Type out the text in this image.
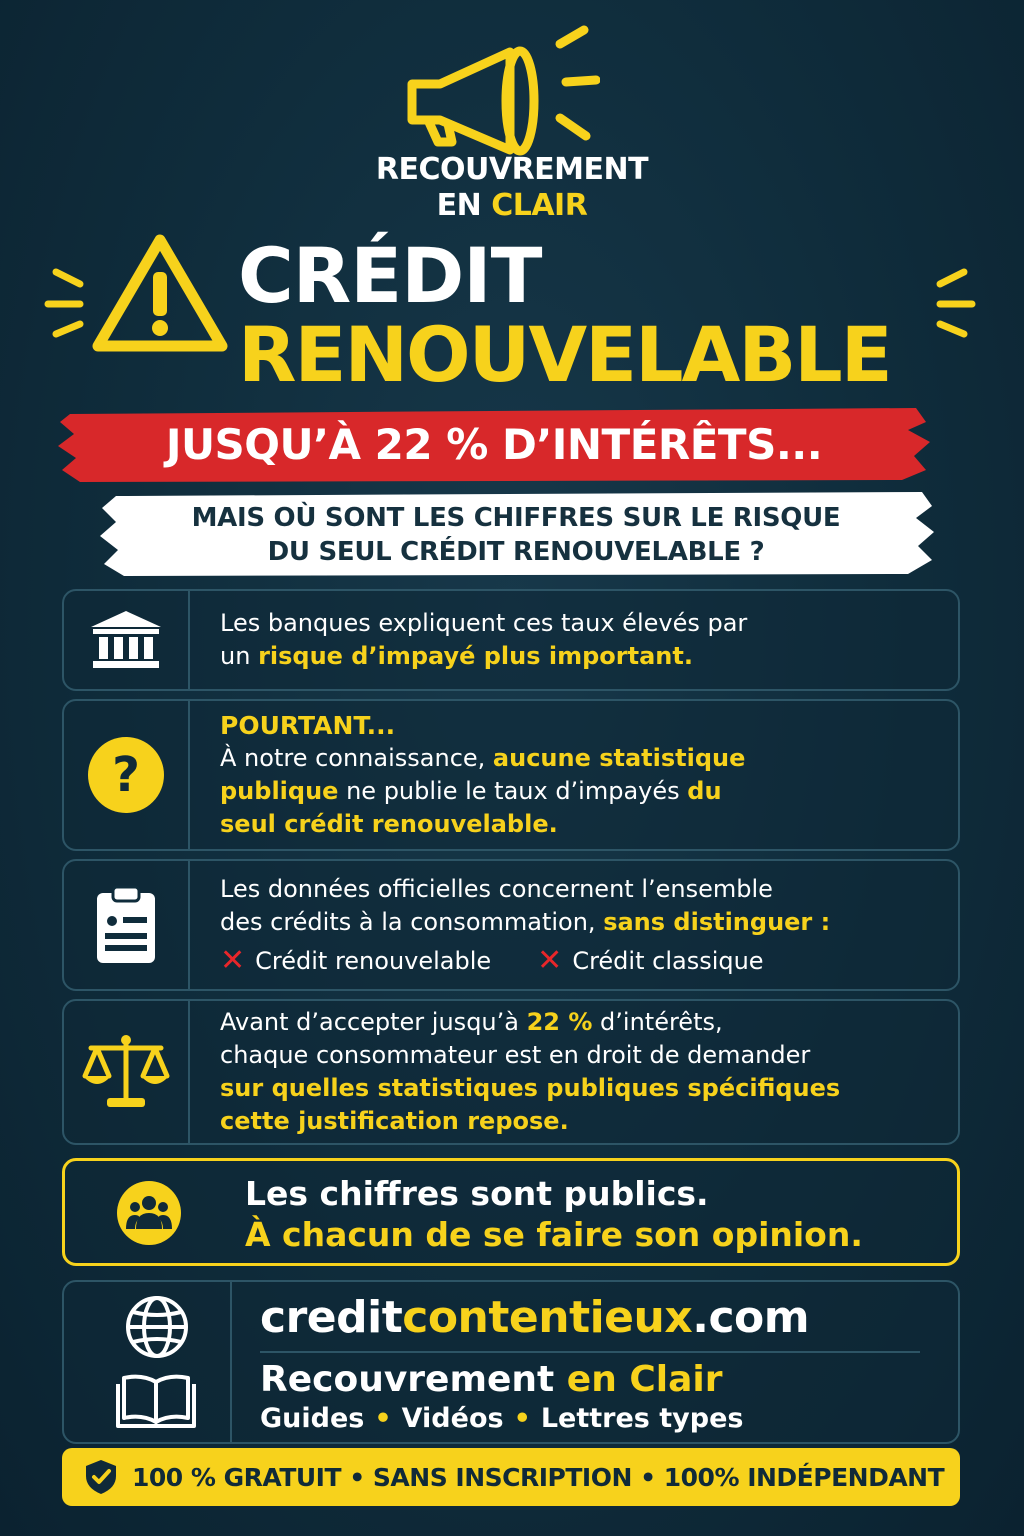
RECOUVREMENT
EN CLAIR
CRÉDIT
RENOUVELABLE
JUSQU’À 22 % D’INTÉRÊTS...
MAIS OÙ SONT LES CHIFFRES SUR LE RISQUE
DU SEUL CRÉDIT RENOUVELABLE ?
Les banques expliquent ces taux élevés par
un risque d’impayé plus important.
?
POURTANT...
À notre connaissance, aucune statistique
publique ne publie le taux d’impayés du
seul crédit renouvelable.
Les données officielles concernent l’ensemble
des crédits à la consommation, sans distinguer :
✕ Crédit renouvelable ✕ Crédit classique
Avant d’accepter jusqu’à 22 % d’intérêts,
chaque consommateur est en droit de demander
sur quelles statistiques publiques spécifiques
cette justification repose.
Les chiffres sont publics.
À chacun de se faire son opinion.
creditcontentieux.com
Recouvrement en Clair
Guides • Vidéos • Lettres types
100 % GRATUIT • SANS INSCRIPTION • 100% INDÉPENDANT
